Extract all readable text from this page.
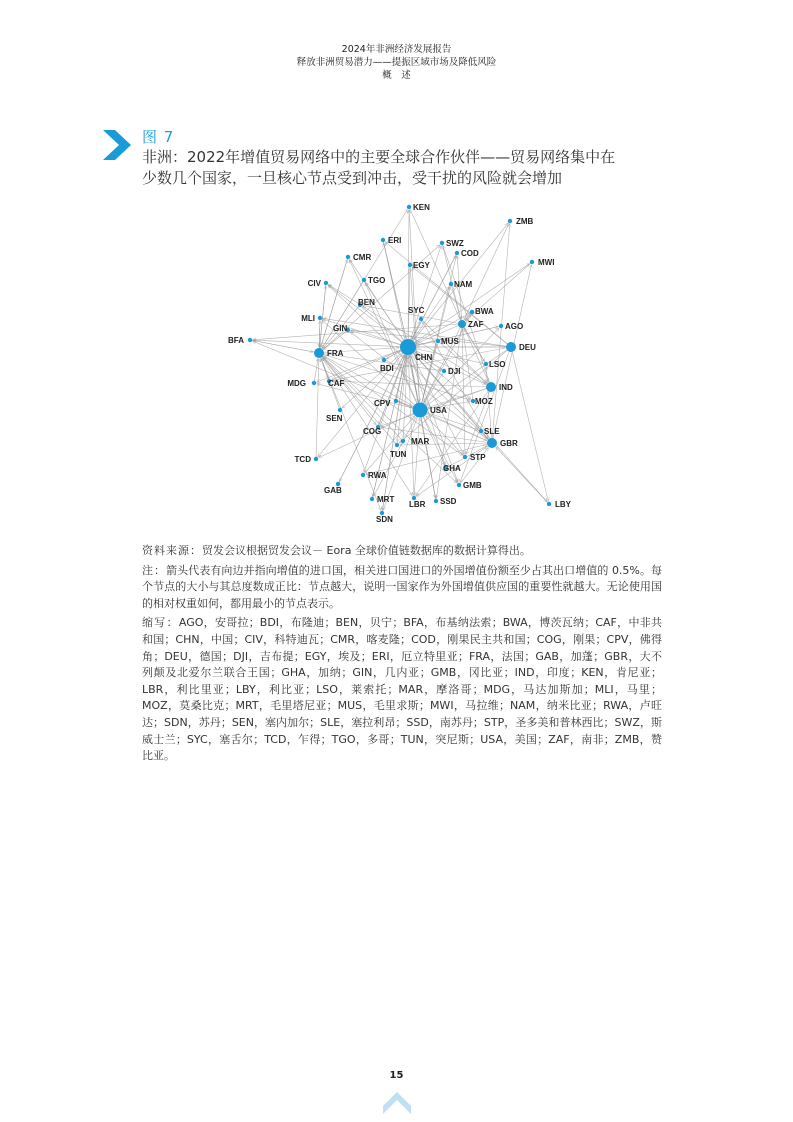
2024年非洲经济发展报告
释放非洲贸易潜力——提振区域市场及降低风险
概　述
图 7
非洲：2022年增值贸易网络中的主要全球合作伙伴——贸易网络集中在
少数几个国家，一旦核心节点受到冲击，受干扰的风险就会增加
KEN
ZMB
ERI	SWZ
COD
MWI
CMR
EGY
TGO
CIV	NAM
BEN
MLI
SYC	BWA
ZAF	AGO
GIN
BFA
FRA
MUS
DEU
CHN
BDI	DJI
LSO
MDG	CAF	IND
CPV	MOZ
SEN
USA
COG	SLE
MAR	GBR
TUN
TCD	STP
GHA
RWA
GMB
GAB
MRT
LBR SSD	LBY
SDN

资料来源：贸发会议根据贸发会议－ Eora 全球价值链数据库的数据计算得出。

注：箭头代表有向边并指向增值的进口国，相关进口国进口的外国增值份额至少占其出口增值的 0.5%。每个节点的大小与其总度数成正比：节点越大，说明一国家作为外国增值供应国的重要性就越大。无论使用国的相对权重如何，都用最小的节点表示。

缩写：AGO，安哥拉；BDI，布隆迪；BEN，贝宁；BFA，布基纳法索；BWA，博茨瓦纳；CAF，中非共和国；CHN，中国；CIV，科特迪瓦；CMR，喀麦隆；COD，刚果民主共和国；COG，刚果；CPV，佛得角；DEU，德国；DJI，吉布提；EGY，埃及；ERI，厄立特里亚；FRA，法国；GAB，加蓬；GBR，大不列颠及北爱尔兰联合王国；GHA，加纳；GIN，几内亚；GMB，冈比亚；IND，印度；KEN，肯尼亚；LBR，利比里亚；LBY，利比亚；LSO，莱索托；MAR，摩洛哥；MDG，马达加斯加；MLI，马里；MOZ，莫桑比克；MRT，毛里塔尼亚；MUS，毛里求斯；MWI，马拉维；NAM，纳米比亚；RWA，卢旺达；SDN，苏丹；SEN，塞内加尔；SLE，塞拉利昂；SSD，南苏丹；STP，圣多美和普林西比；SWZ，斯威士兰；SYC，塞舌尔；TCD，乍得；TGO，多哥；TUN，突尼斯；USA，美国；ZAF，南非；ZMB，赞比亚。

15
